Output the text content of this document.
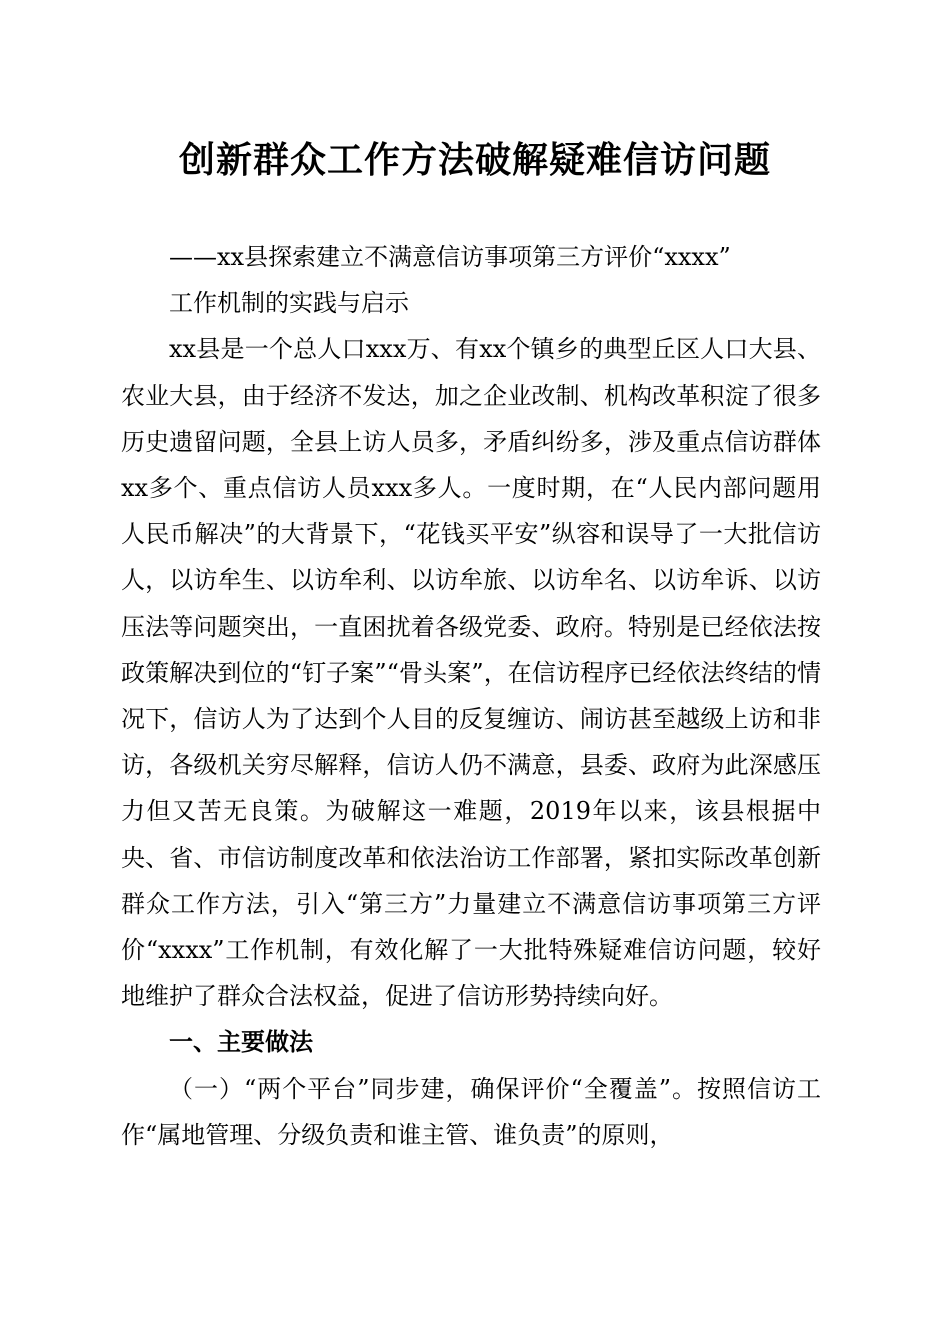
创新群众工作方法破解疑难信访问题

——xx县探索建立不满意信访事项第三方评价“xxxx”

工作机制的实践与启示

xx县是一个总人口xxx万、有xx个镇乡的典型丘区人口大县、农业大县，由于经济不发达，加之企业改制、机构改革积淀了很多历史遗留问题，全县上访人员多，矛盾纠纷多，涉及重点信访群体xx多个、重点信访人员xxx多人。一度时期，在“人民内部问题用人民币解决”的大背景下，“花钱买平安”纵容和误导了一大批信访人，以访牟生、以访牟利、以访牟旅、以访牟名、以访牟诉、以访压法等问题突出，一直困扰着各级党委、政府。特别是已经依法按政策解决到位的“钉子案”“骨头案”，在信访程序已经依法终结的情况下，信访人为了达到个人目的反复缠访、闹访甚至越级上访和非访，各级机关穷尽解释，信访人仍不满意，县委、政府为此深感压力但又苦无良策。为破解这一难题，2019年以来，该县根据中央、省、市信访制度改革和依法治访工作部署，紧扣实际改革创新群众工作方法，引入“第三方”力量建立不满意信访事项第三方评价“xxxx”工作机制，有效化解了一大批特殊疑难信访问题，较好地维护了群众合法权益，促进了信访形势持续向好。

一、主要做法

（一）“两个平台”同步建，确保评价“全覆盖”。按照信访工作“属地管理、分级负责和谁主管、谁负责”的原则，
